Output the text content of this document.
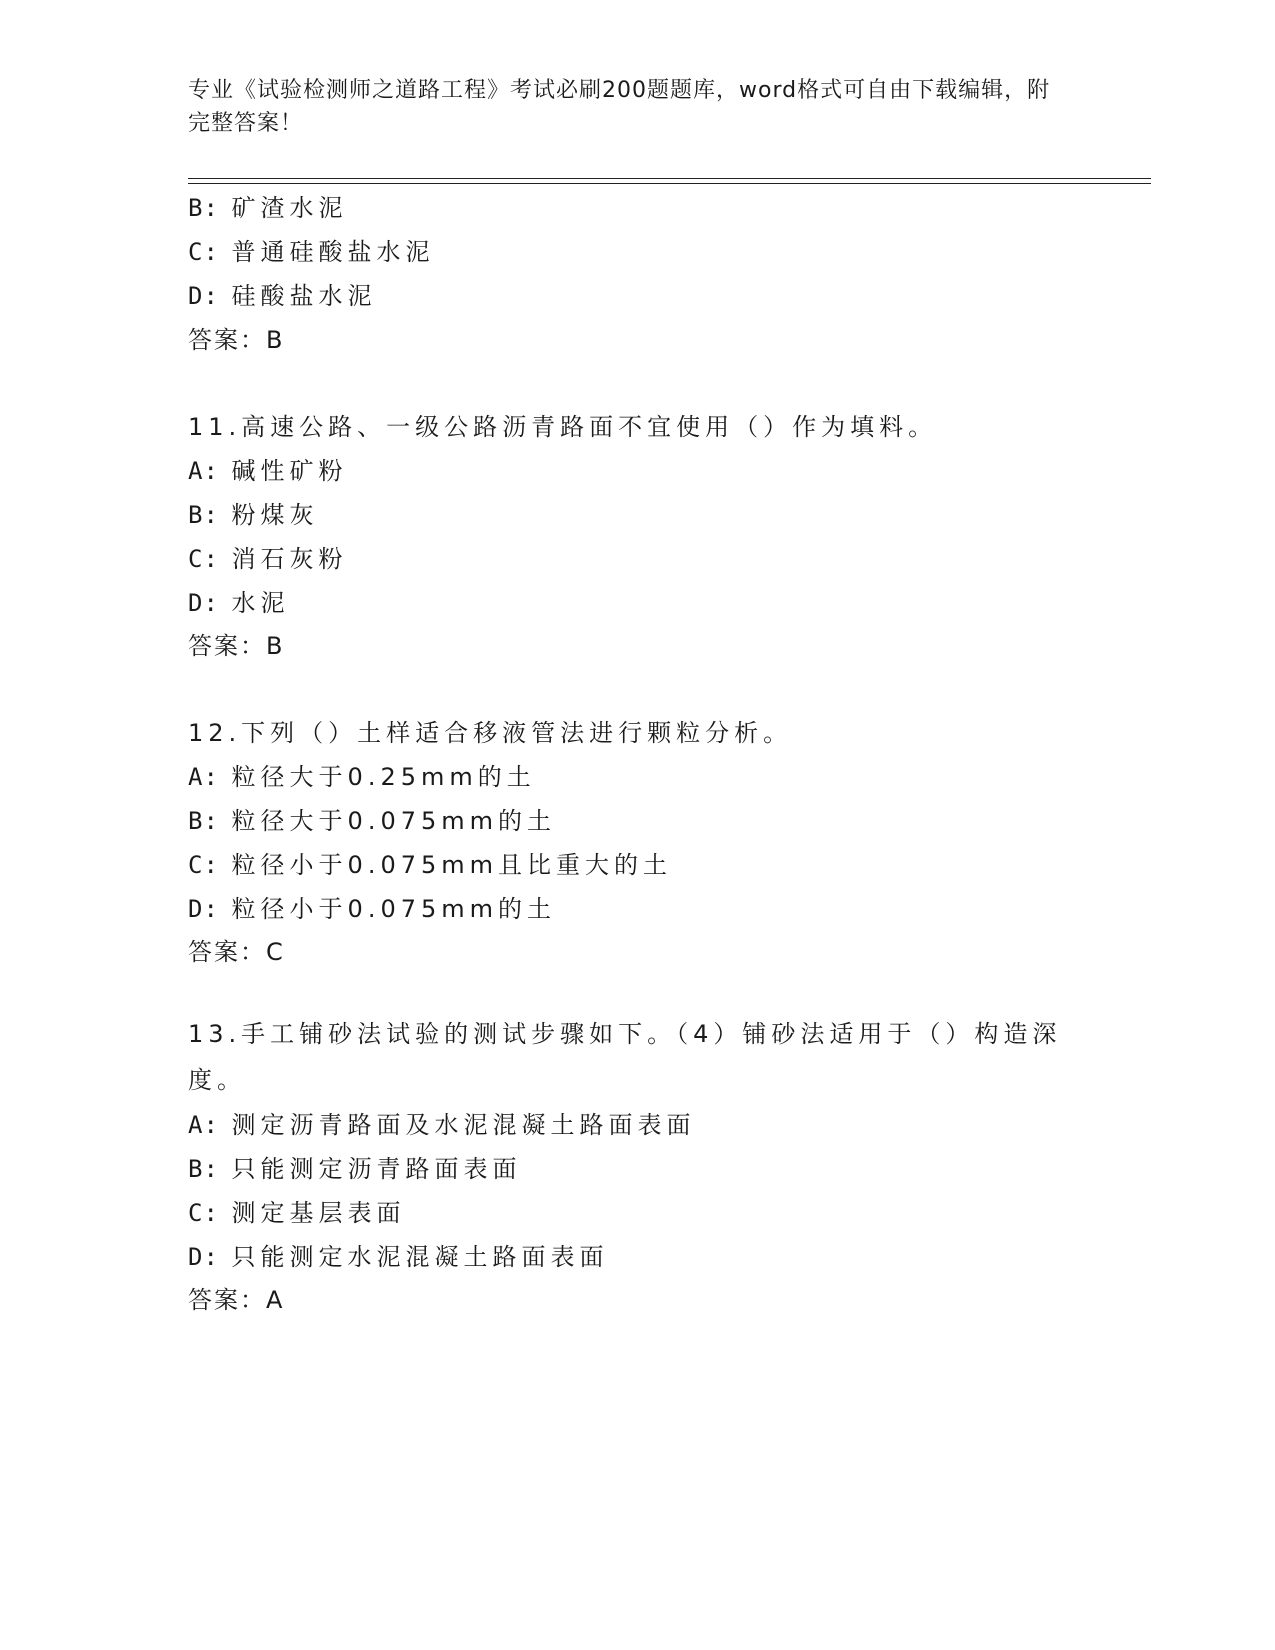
专业《试验检测师之道路工程》考试必刷200题题库，word格式可自由下载编辑，附完整答案！
B: 矿渣水泥
C: 普通硅酸盐水泥
D: 硅酸盐水泥
答案：B
11.高速公路、一级公路沥青路面不宜使用（）作为填料。
A: 碱性矿粉
B: 粉煤灰
C: 消石灰粉
D: 水泥
答案：B
12.下列（）土样适合移液管法进行颗粒分析。
A: 粒径大于0.25mm的土
B: 粒径大于0.075mm的土
C: 粒径小于0.075mm且比重大的土
D: 粒径小于0.075mm的土
答案：C
13.手工铺砂法试验的测试步骤如下。（4）铺砂法适用于（）构造深度。
A: 测定沥青路面及水泥混凝土路面表面
B: 只能测定沥青路面表面
C: 测定基层表面
D: 只能测定水泥混凝土路面表面
答案：A
